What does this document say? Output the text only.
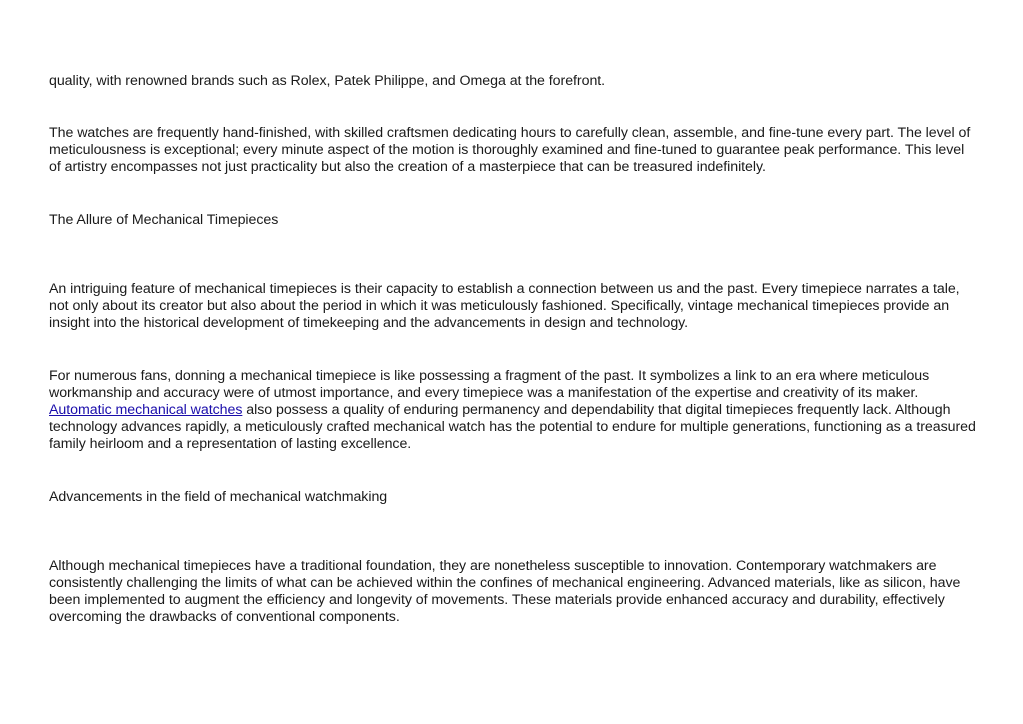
quality, with renowned brands such as Rolex, Patek Philippe, and Omega at the forefront.

The watches are frequently hand-finished, with skilled craftsmen dedicating hours to carefully clean, assemble, and fine-tune every part. The level of meticulousness is exceptional; every minute aspect of the motion is thoroughly examined and fine-tuned to guarantee peak performance. This level of artistry encompasses not just practicality but also the creation of a masterpiece that can be treasured indefinitely.

The Allure of Mechanical Timepieces

An intriguing feature of mechanical timepieces is their capacity to establish a connection between us and the past. Every timepiece narrates a tale, not only about its creator but also about the period in which it was meticulously fashioned. Specifically, vintage mechanical timepieces provide an insight into the historical development of timekeeping and the advancements in design and technology.

For numerous fans, donning a mechanical timepiece is like possessing a fragment of the past. It symbolizes a link to an era where meticulous workmanship and accuracy were of utmost importance, and every timepiece was a manifestation of the expertise and creativity of its maker.
Automatic mechanical watches also possess a quality of enduring permanency and dependability that digital timepieces frequently lack. Although technology advances rapidly, a meticulously crafted mechanical watch has the potential to endure for multiple generations, functioning as a treasured family heirloom and a representation of lasting excellence.

Advancements in the field of mechanical watchmaking

Although mechanical timepieces have a traditional foundation, they are nonetheless susceptible to innovation. Contemporary watchmakers are consistently challenging the limits of what can be achieved within the confines of mechanical engineering. Advanced materials, like as silicon, have been implemented to augment the efficiency and longevity of movements. These materials provide enhanced accuracy and durability, effectively overcoming the drawbacks of conventional components.
